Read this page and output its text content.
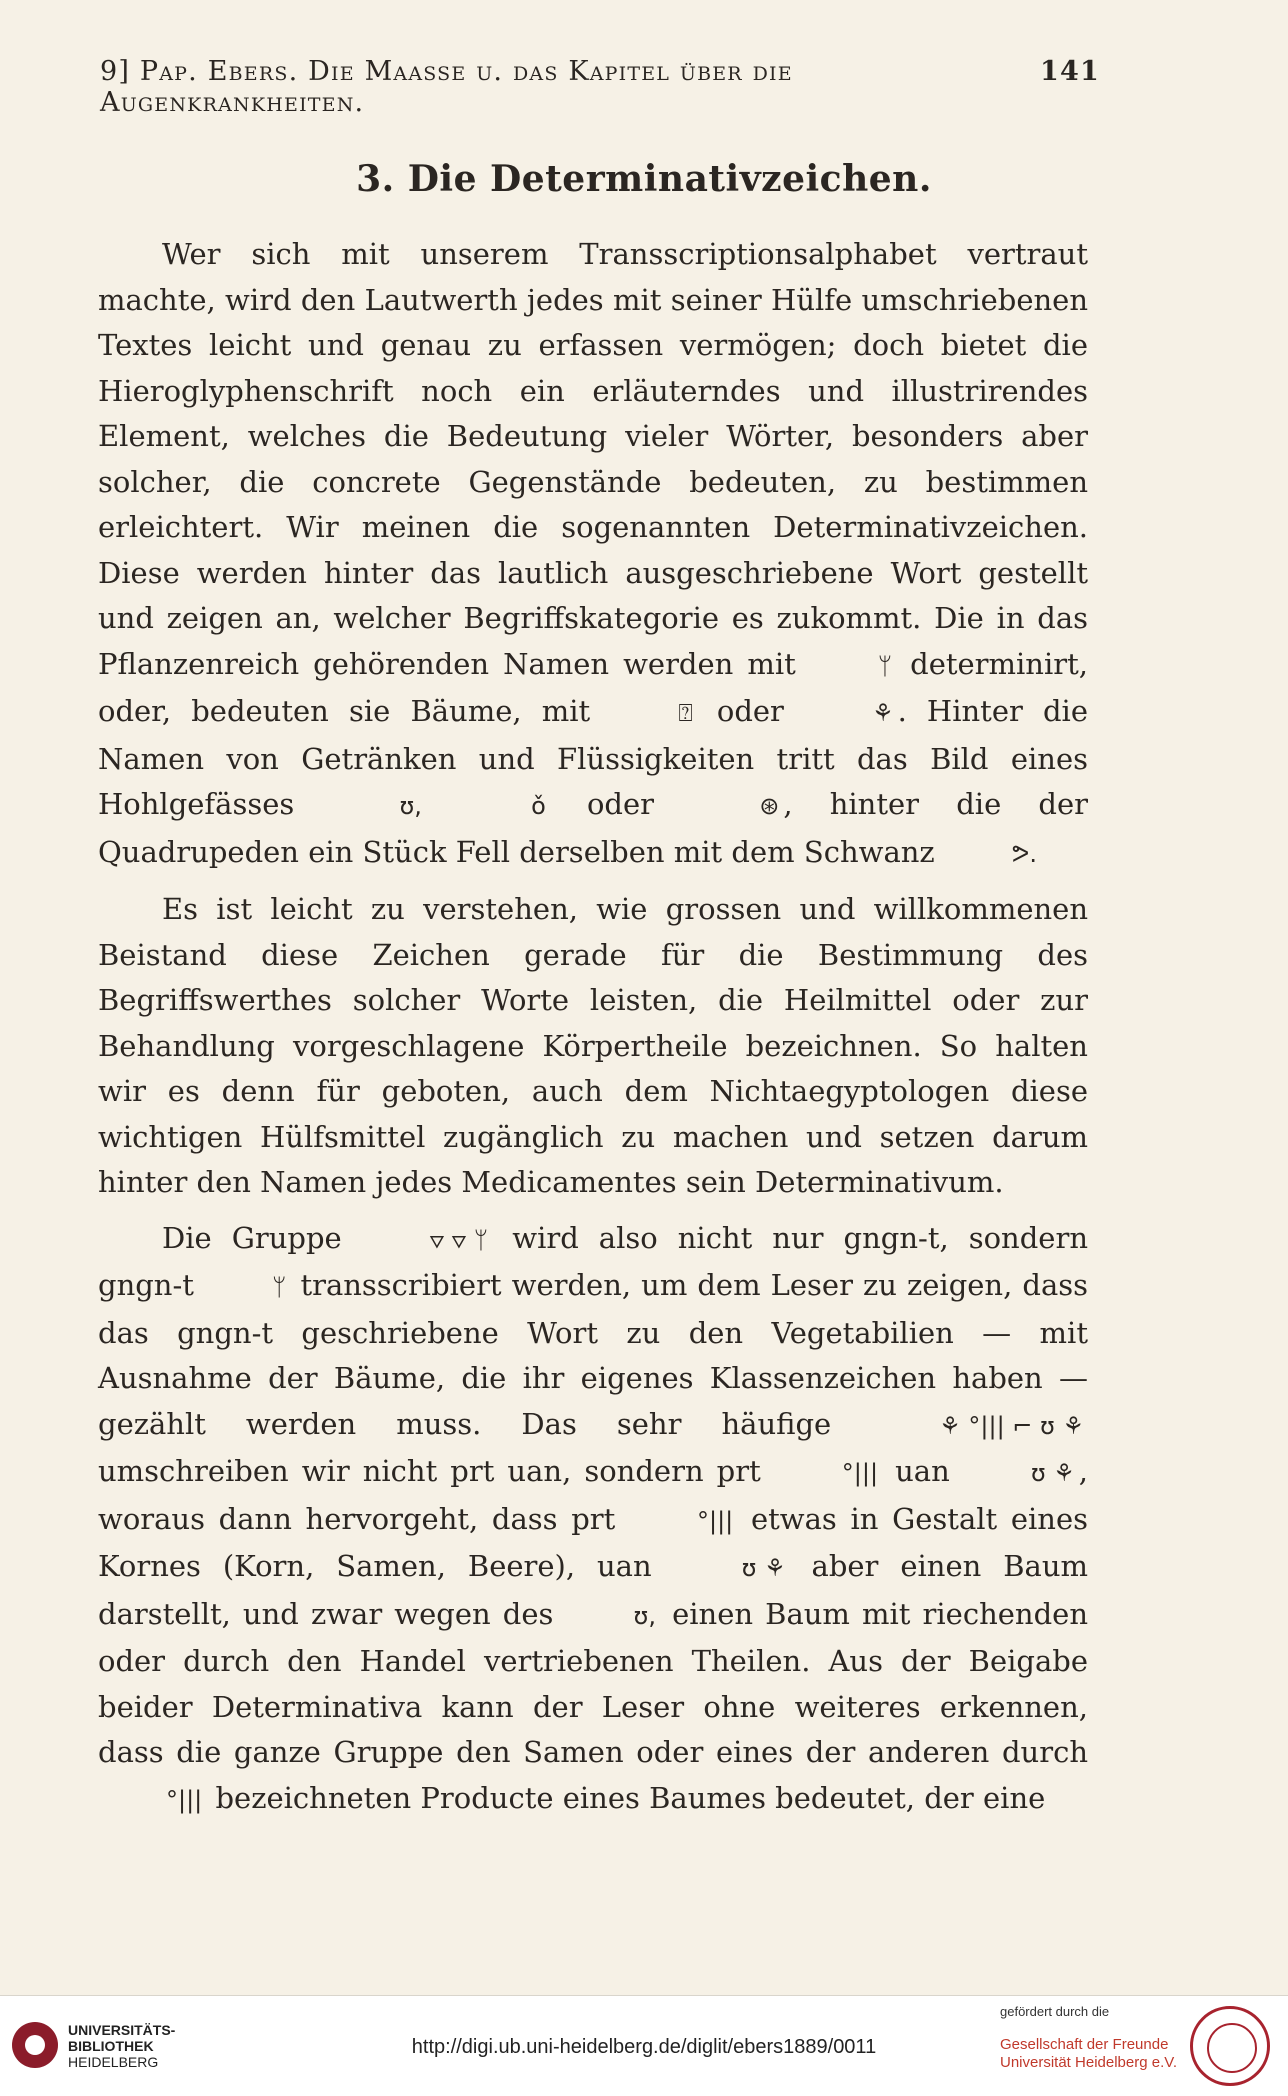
9] Pap. Ebers. Die Maasse u. das Kapitel über die Augenkrankheiten.
141
3. Die Determinativzeichen.

Wer sich mit unserem Transscriptionsalphabet vertraut machte, wird den Lautwerth jedes mit seiner Hülfe umschriebenen Textes leicht und genau zu erfassen vermögen; doch bietet die Hieroglyphenschrift noch ein erläuterndes und illustrirendes Element, welches die Bedeutung vieler Wörter, besonders aber solcher, die concrete Gegenstände bedeuten, zu bestimmen erleichtert. Wir meinen die sogenannten Determinativzeichen. Diese werden hinter das lautlich ausgeschriebene Wort gestellt und zeigen an, welcher Begriffskategorie es zukommt. Die in das Pflanzenreich gehörenden Namen werden mit	ᛘ determinirt, oder, bedeuten sie Bäume, mit	⍰ oder	⚘ . Hinter die Namen von Getränken und Flüssigkeiten tritt das Bild eines Hohlgefässes	ʊ,	ǒ oder	⊛ , hinter die der Quadrupeden ein Stück Fell derselben mit dem Schwanz	ᕗ.

Es ist leicht zu verstehen, wie grossen und willkommenen Beistand diese Zeichen gerade für die Bestimmung des Begriffswerthes solcher Worte leisten, die Heilmittel oder zur Behandlung vorgeschlagene Körpertheile bezeichnen. So halten wir es denn für geboten, auch dem Nichtaegyptologen diese wichtigen Hülfsmittel zugänglich zu machen und setzen darum hinter den Namen jedes Medicamentes sein Determinativum.

Die Gruppe	⛛ ⛛ ᛘ wird also nicht nur gngn-t, sondern gngn-t	ᛘ transscribiert werden, um dem Leser zu zeigen, dass das gngn-t geschriebene Wort zu den Vegetabilien — mit Ausnahme der Bäume, die ihr eigenes Klassenzeichen haben — gezählt werden muss. Das sehr häufige	⚘ °||| ⌐ ʊ ⚘ umschreiben wir nicht prt uan, sondern prt	°||| uan	ʊ ⚘ , woraus dann hervorgeht, dass prt	°||| etwas in Gestalt eines Kornes (Korn, Samen, Beere), uan	ʊ ⚘ aber einen Baum darstellt, und zwar wegen des	ʊ, einen Baum mit riechenden oder durch den Handel vertriebenen Theilen. Aus der Beigabe beider Determinativa kann der Leser ohne weiteres erkennen, dass die ganze Gruppe den Samen oder eines der anderen durch °||| bezeichneten Producte eines Baumes bedeutet, der eine

UNIVERSITÄTS-
BIBLIOTHEK
HEIDELBERG
http://digi.ub.uni-heidelberg.de/diglit/ebers1889/0011
gefördert durch die
Gesellschaft der Freunde
Universität Heidelberg e.V.
